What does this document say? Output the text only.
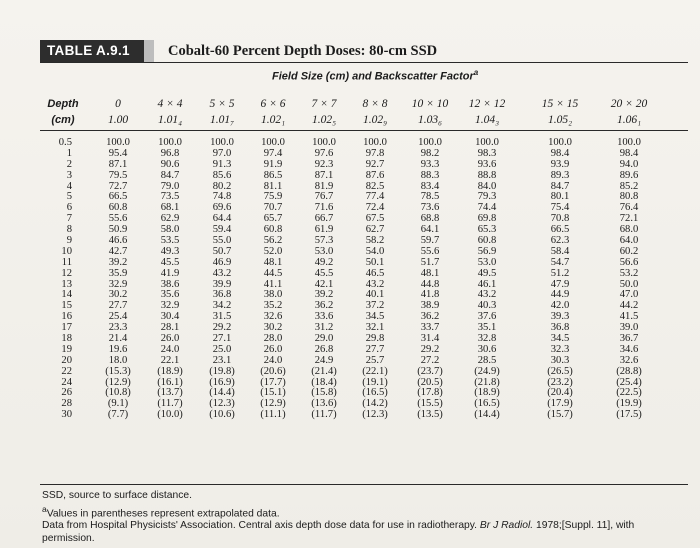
TABLE A.9.1	Cobalt-60 Percent Depth Doses: 80-cm SSD
Field Size (cm) and Backscatter Factor$^a$
Depth
(cm)
0
1.00
4 × 4
1.01₄
5 × 5
1.01₇
6 × 6
1.02₁
7 × 7
1.02₅
8 × 8
1.02₉
10 × 10
1.03₆
12 × 12
1.04₃
15 × 15
1.05₂
20 × 20
1.06₁
0.5
1
2
3
4
5
6
7
8
9
10
11
12
13
14
15
16
17
18
19
20
22
24
26
28
30
100.0
95.4
87.1
79.5
72.7
66.5
60.8
55.6
50.9
46.6
42.7
39.2
35.9
32.9
30.2
27.7
25.4
23.3
21.4
19.6
18.0
(15.3)
(12.9)
(10.8)
(9.1)
(7.7)
100.0
96.8
90.6
84.7
79.0
73.5
68.1
62.9
58.0
53.5
49.3
45.5
41.9
38.6
35.6
32.9
30.4
28.1
26.0
24.0
22.1
(18.9)
(16.1)
(13.7)
(11.7)
(10.0)
100.0
97.0
91.3
85.6
80.2
74.8
69.6
64.4
59.4
55.0
50.7
46.9
43.2
39.9
36.8
34.2
31.5
29.2
27.1
25.0
23.1
(19.8)
(16.9)
(14.4)
(12.3)
(10.6)
100.0
97.4
91.9
86.5
81.1
75.9
70.7
65.7
60.8
56.2
52.0
48.1
44.5
41.1
38.0
35.2
32.6
30.2
28.0
26.0
24.0
(20.6)
(17.7)
(15.1)
(12.9)
(11.1)
100.0
97.6
92.3
87.1
81.9
76.7
71.6
66.7
61.9
57.3
53.0
49.2
45.5
42.1
39.2
36.2
33.6
31.2
29.0
26.8
24.9
(21.4)
(18.4)
(15.8)
(13.6)
(11.7)
100.0
97.8
92.7
87.6
82.5
77.4
72.4
67.5
62.7
58.2
54.0
50.1
46.5
43.2
40.1
37.2
34.5
32.1
29.8
27.7
25.7
(22.1)
(19.1)
(16.5)
(14.2)
(12.3)
100.0
98.2
93.3
88.3
83.4
78.5
73.6
68.8
64.1
59.7
55.6
51.7
48.1
44.8
41.8
38.9
36.2
33.7
31.4
29.2
27.2
(23.7)
(20.5)
(17.8)
(15.5)
(13.5)
100.0
98.3
93.6
88.8
84.0
79.3
74.4
69.8
65.3
60.8
56.9
53.0
49.5
46.1
43.2
40.3
37.6
35.1
32.8
30.6
28.5
(24.9)
(21.8)
(18.9)
(16.5)
(14.4)
100.0
98.4
93.9
89.3
84.7
80.1
75.4
70.8
66.5
62.3
58.4
54.7
51.2
47.9
44.9
42.0
39.3
36.8
34.5
32.3
30.3
(26.5)
(23.2)
(20.4)
(17.9)
(15.7)
100.0
98.4
94.0
89.6
85.2
80.8
76.4
72.1
68.0
64.0
60.2
56.6
53.2
50.0
47.0
44.2
41.5
39.0
36.7
34.6
32.6
(28.8)
(25.4)
(22.5)
(19.9)
(17.5)

SSD, source to surface distance.

$^a$Values in parentheses represent extrapolated data.

Data from Hospital Physicists' Association. Central axis depth dose data for use in radiotherapy. Br J Radiol. 1978;[Suppl. 11], with permission.
